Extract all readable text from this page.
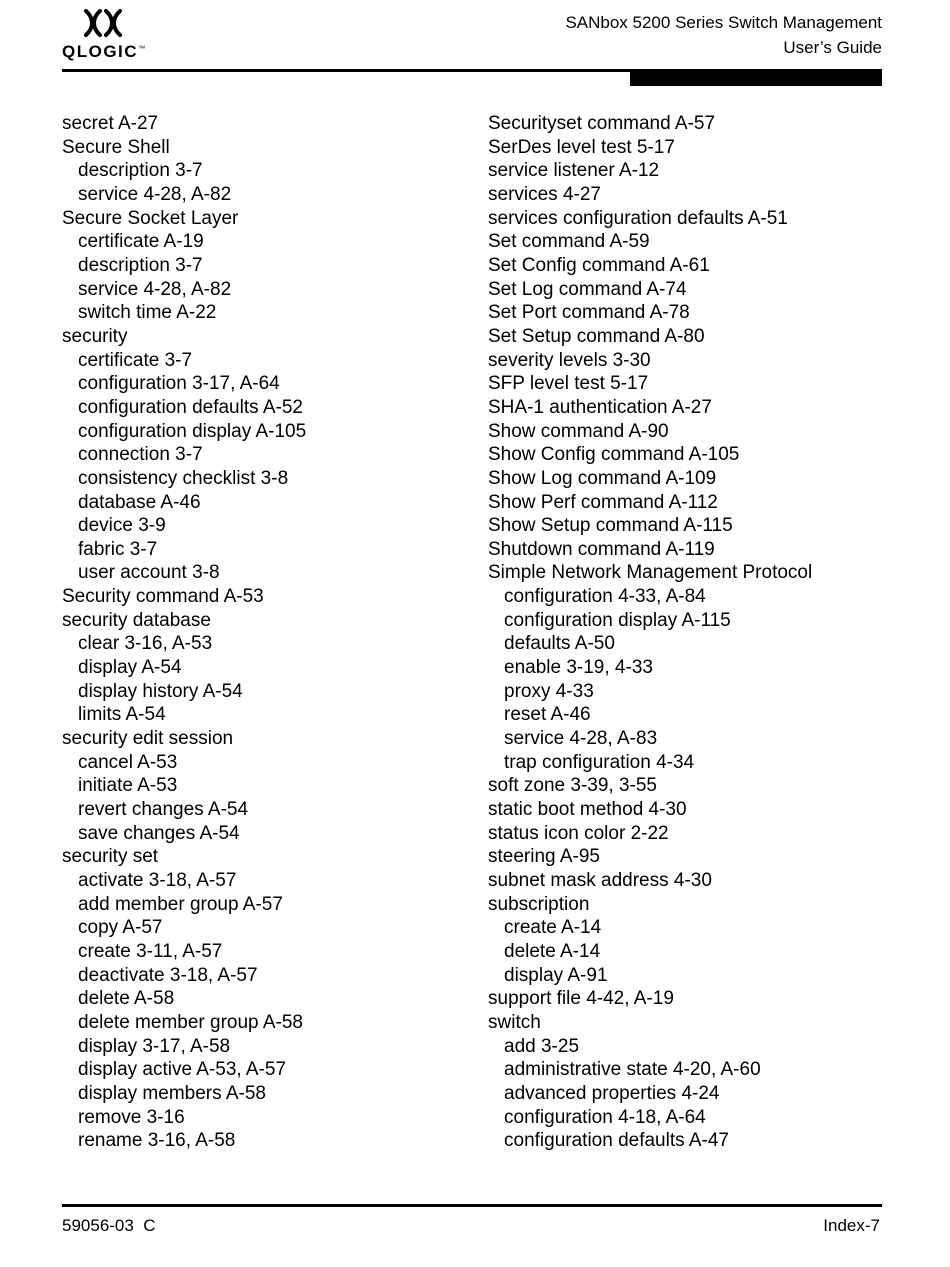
QLOGIC™
SANbox 5200 Series Switch Management
User’s Guide
secret A-27
Secure Shell
description 3-7
service 4-28, A-82
Secure Socket Layer
certificate A-19
description 3-7
service 4-28, A-82
switch time A-22
security
certificate 3-7
configuration 3-17, A-64
configuration defaults A-52
configuration display A-105
connection 3-7
consistency checklist 3-8
database A-46
device 3-9
fabric 3-7
user account 3-8
Security command A-53
security database
clear 3-16, A-53
display A-54
display history A-54
limits A-54
security edit session
cancel A-53
initiate A-53
revert changes A-54
save changes A-54
security set
activate 3-18, A-57
add member group A-57
copy A-57
create 3-11, A-57
deactivate 3-18, A-57
delete A-58
delete member group A-58
display 3-17, A-58
display active A-53, A-57
display members A-58
remove 3-16
rename 3-16, A-58
Securityset command A-57
SerDes level test 5-17
service listener A-12
services 4-27
services configuration defaults A-51
Set command A-59
Set Config command A-61
Set Log command A-74
Set Port command A-78
Set Setup command A-80
severity levels 3-30
SFP level test 5-17
SHA-1 authentication A-27
Show command A-90
Show Config command A-105
Show Log command A-109
Show Perf command A-112
Show Setup command A-115
Shutdown command A-119
Simple Network Management Protocol
configuration 4-33, A-84
configuration display A-115
defaults A-50
enable 3-19, 4-33
proxy 4-33
reset A-46
service 4-28, A-83
trap configuration 4-34
soft zone 3-39, 3-55
static boot method 4-30
status icon color 2-22
steering A-95
subnet mask address 4-30
subscription
create A-14
delete A-14
display A-91
support file 4-42, A-19
switch
add 3-25
administrative state 4-20, A-60
advanced properties 4-24
configuration 4-18, A-64
configuration defaults A-47
59056-03  C	Index-7
